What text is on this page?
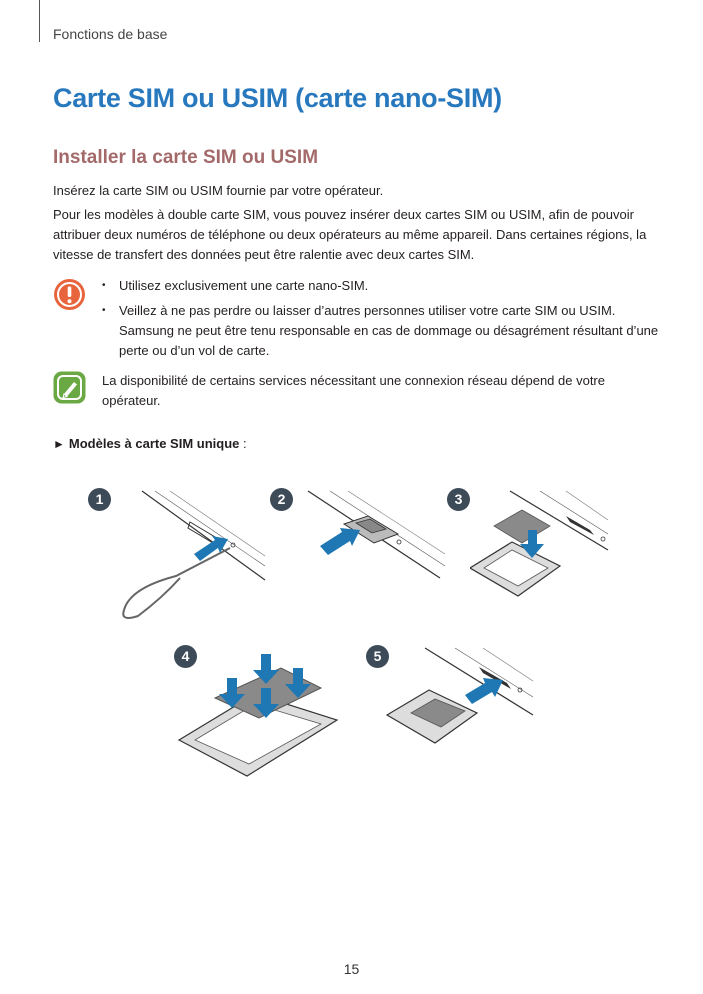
Fonctions de base
Carte SIM ou USIM (carte nano-SIM)
Installer la carte SIM ou USIM
Insérez la carte SIM ou USIM fournie par votre opérateur.
Pour les modèles à double carte SIM, vous pouvez insérer deux cartes SIM ou USIM, afin de pouvoir attribuer deux numéros de téléphone ou deux opérateurs au même appareil. Dans certaines régions, la vitesse de transfert des données peut être ralentie avec deux cartes SIM.
• Utilisez exclusivement une carte nano-SIM.
• Veillez à ne pas perdre ou laisser d’autres personnes utiliser votre carte SIM ou USIM. Samsung ne peut être tenu responsable en cas de dommage ou désagrément résultant d’une perte ou d’un vol de carte.
La disponibilité de certains services nécessitant une connexion réseau dépend de votre opérateur.
► Modèles à carte SIM unique :
1	2	3
4	5
15
